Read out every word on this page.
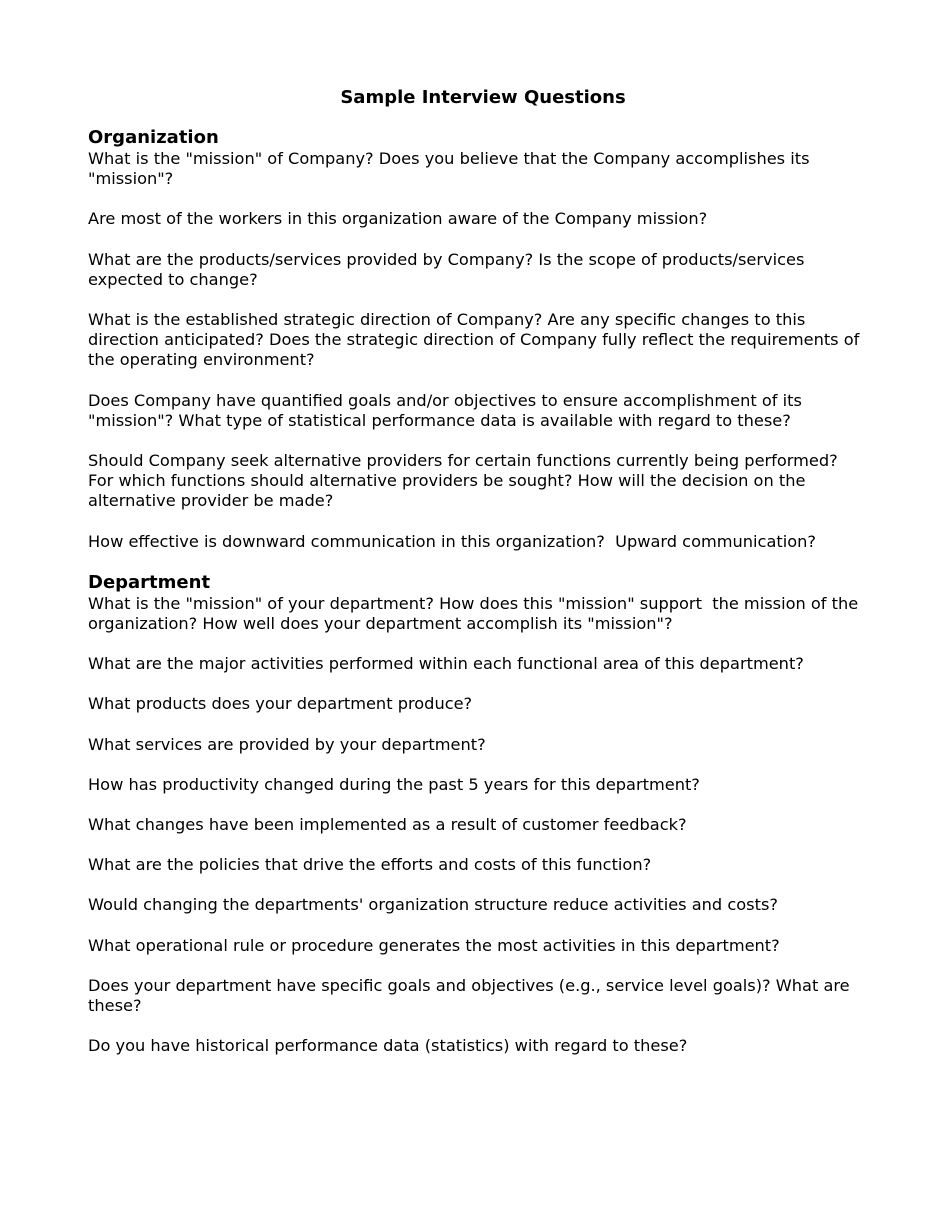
Sample Interview Questions
Organization

What is the "mission" of Company? Does you believe that the Company accomplishes its "mission"?

Are most of the workers in this organization aware of the Company mission?

What are the products/services provided by Company? Is the scope of products/services expected to change?

What is the established strategic direction of Company? Are any specific changes to this direction anticipated? Does the strategic direction of Company fully reflect the requirements of the operating environment?

Does Company have quantified goals and/or objectives to ensure accomplishment of its "mission"? What type of statistical performance data is available with regard to these?

Should Company seek alternative providers for certain functions currently being performed? For which functions should alternative providers be sought? How will the decision on the alternative provider be made?

How effective is downward communication in this organization?  Upward communication?

Department

What is the "mission" of your department? How does this "mission" support  the mission of the organization? How well does your department accomplish its "mission"?

What are the major activities performed within each functional area of this department?

What products does your department produce?

What services are provided by your department?

How has productivity changed during the past 5 years for this department?

What changes have been implemented as a result of customer feedback?

What are the policies that drive the efforts and costs of this function?

Would changing the departments' organization structure reduce activities and costs?

What operational rule or procedure generates the most activities in this department?

Does your department have specific goals and objectives (e.g., service level goals)? What are these?

Do you have historical performance data (statistics) with regard to these?
